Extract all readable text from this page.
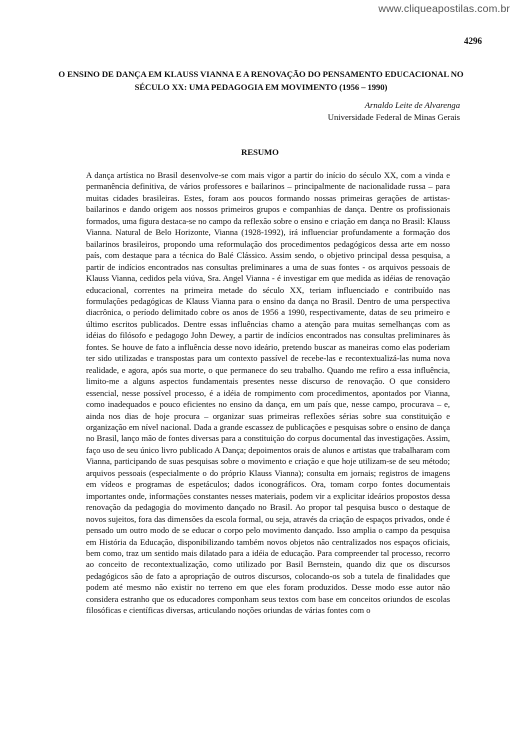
www.cliqueapostilas.com.br
4296
O ENSINO DE DANÇA EM KLAUSS VIANNA E A RENOVAÇÃO DO PENSAMENTO EDUCACIONAL NO SÉCULO XX: UMA PEDAGOGIA EM MOVIMENTO (1956 – 1990)
Arnaldo Leite de Alvarenga
Universidade Federal de Minas Gerais
RESUMO

A dança artística no Brasil desenvolve-se com mais vigor a partir do início do século XX, com a vinda e permanência definitiva, de vários professores e bailarinos – principalmente de nacionalidade russa – para muitas cidades brasileiras. Estes, foram aos poucos formando nossas primeiras gerações de artistas-bailarinos e dando origem aos nossos primeiros grupos e companhias de dança. Dentre os profissionais formados, uma figura destaca-se no campo da reflexão sobre o ensino e criação em dança no Brasil: Klauss Vianna. Natural de Belo Horizonte, Vianna (1928-1992), irá influenciar profundamente a formação dos bailarinos brasileiros, propondo uma reformulação dos procedimentos pedagógicos dessa arte em nosso país, com destaque para a técnica do Balé Clássico. Assim sendo, o objetivo principal dessa pesquisa, a partir de indícios encontrados nas consultas preliminares a uma de suas fontes - os arquivos pessoais de Klauss Vianna, cedidos pela viúva, Sra. Angel Vianna - é investigar em que medida as idéias de renovação educacional, correntes na primeira metade do século XX, teriam influenciado e contribuído nas formulações pedagógicas de Klauss Vianna para o ensino da dança no Brasil. Dentro de uma perspectiva diacrônica, o período delimitado cobre os anos de 1956 a 1990, respectivamente, datas de seu primeiro e último escritos publicados. Dentre essas influências chamo a atenção para muitas semelhanças com as idéias do filósofo e pedagogo John Dewey, a partir de indícios encontrados nas consultas preliminares às fontes. Se houve de fato a influência desse novo ideário, pretendo buscar as maneiras como elas poderiam ter sido utilizadas e transpostas para um contexto passível de recebe-las e recontextualizá-las numa nova realidade, e agora, após sua morte, o que permanece do seu trabalho. Quando me refiro a essa influência, limito-me a alguns aspectos fundamentais presentes nesse discurso de renovação. O que considero essencial, nesse possível processo, é a idéia de rompimento com procedimentos, apontados por Vianna, como inadequados e pouco eficientes no ensino da dança, em um país que, nesse campo, procurava – e, ainda nos dias de hoje procura – organizar suas primeiras reflexões sérias sobre sua constituição e organização em nível nacional. Dada a grande escassez de publicações e pesquisas sobre o ensino de dança no Brasil, lanço mão de fontes diversas para a constituição do corpus documental das investigações. Assim, faço uso de seu único livro publicado A Dança; depoimentos orais de alunos e artistas que trabalharam com Vianna, participando de suas pesquisas sobre o movimento e criação e que hoje utilizam-se de seu método; arquivos pessoais (especialmente o do próprio Klauss Vianna); consulta em jornais; registros de imagens em vídeos e programas de espetáculos; dados iconográficos. Ora, tomam corpo fontes documentais importantes onde, informações constantes nesses materiais, podem vir a explicitar ideários propostos dessa renovação da pedagogia do movimento dançado no Brasil. Ao propor tal pesquisa busco o destaque de novos sujeitos, fora das dimensões da escola formal, ou seja, através da criação de espaços privados, onde é pensado um outro modo de se educar o corpo pelo movimento dançado. Isso amplia o campo da pesquisa em História da Educação, disponibilizando também novos objetos não centralizados nos espaços oficiais, bem como, traz um sentido mais dilatado para a idéia de educação. Para compreender tal processo, recorro ao conceito de recontextualização, como utilizado por Basil Bernstein, quando diz que os discursos pedagógicos são de fato a apropriação de outros discursos, colocando-os sob a tutela de finalidades que podem até mesmo não existir no terreno em que eles foram produzidos. Desse modo esse autor não considera estranho que os educadores componham seus textos com base em conceitos oriundos de escolas filosóficas e científicas diversas, articulando noções oriundas de várias fontes com o
